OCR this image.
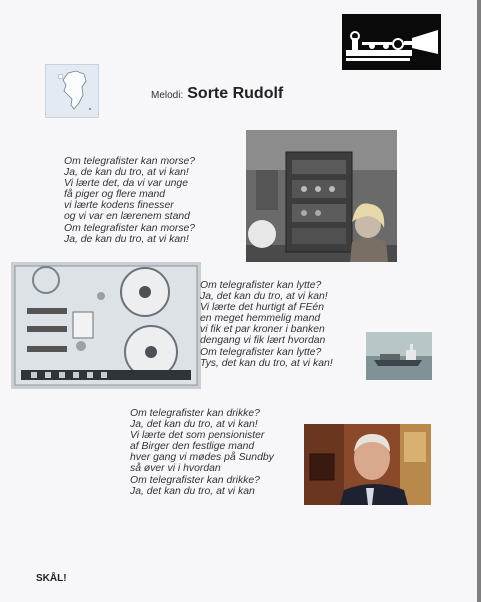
Melodi: Sorte Rudolf
Om telegrafister kan morse?
Ja, de kan du tro, at vi kan!
Vi lærte det, da vi var unge
få piger og flere mand
vi lærte kodens finesser
og vi var en lærenem stand
Om telegrafister kan morse?
Ja, de kan du tro, at vi kan!
Om telegrafister kan lytte?
Ja, det kan du tro, at vi kan!
Vi lærte det hurtigt af FEén
en meget hemmelig mand
vi fik et par kroner i banken
dengang vi fik lært hvordan
Om telegrafister kan lytte?
Tys, det kan du tro, at vi kan!
Om telegrafister kan drikke?
Ja, det kan du tro, at vi kan!
Vi lærte det som pensionister
af Birger den festlige mand
hver gang vi mødes på Sundby
så øver vi i hvordan
Om telegrafister kan drikke?
Ja, det kan du tro, at vi kan
SKÅL!
